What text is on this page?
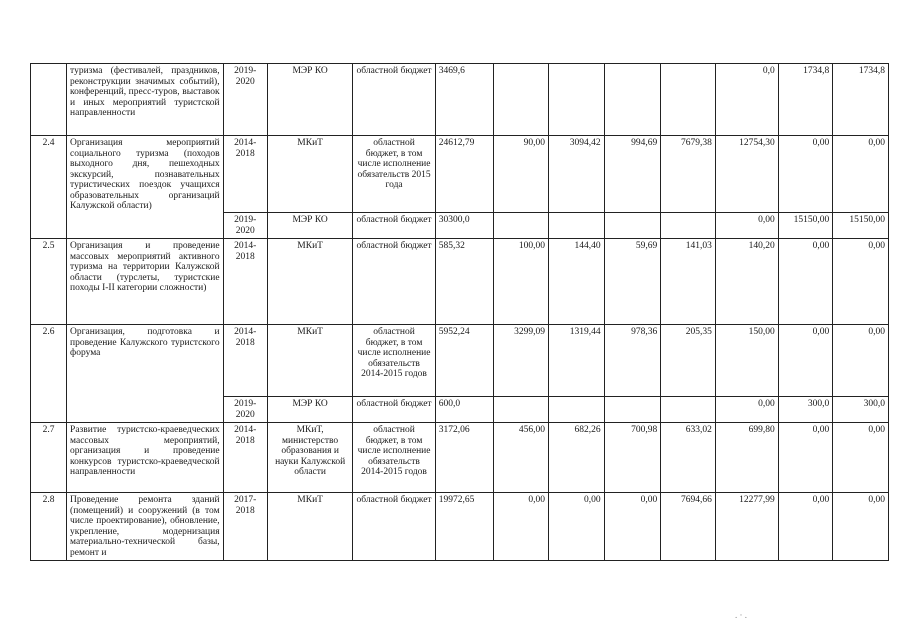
	туризма (фестивалей, праздников, реконструкции значимых событий), конференций, пресс-туров, выставок и иных мероприятий туристской направленности	2019-2020	МЭР КО	областной бюджет	3469,6					0,0	1734,8	1734,8
2.4	Организация мероприятий социального туризма (походов выходного дня, пешеходных экскурсий, познавательных туристических поездок учащихся образовательных организаций Калужской области)	2014-2018	МКиТ	областной бюджет, в том числе исполнение обязательств 2015 года	24612,79	90,00	3094,42	994,69	7679,38	12754,30	0,00	0,00
		2019-2020	МЭР КО	областной бюджет	30300,0					0,00	15150,00	15150,00
2.5	Организация и проведение массовых мероприятий активного туризма на территории Калужской области (турслеты, туристские походы I-II категории сложности)	2014-2018	МКиТ	областной бюджет	585,32	100,00	144,40	59,69	141,03	140,20	0,00	0,00
2.6	Организация, подготовка и проведение Калужского туристского форума	2014-2018	МКиТ	областной бюджет, в том числе исполнение обязательств 2014-2015 годов	5952,24	3299,09	1319,44	978,36	205,35	150,00	0,00	0,00
		2019-2020	МЭР КО	областной бюджет	600,0					0,00	300,0	300,0
2.7	Развитие туристско-краеведческих массовых мероприятий, организация и проведение конкурсов туристско-краеведческой направленности	2014-2018	МКиТ, министерство образования и науки Калужской области	областной бюджет, в том числе исполнение обязательств 2014-2015 годов	3172,06	456,00	682,26	700,98	633,02	699,80	0,00	0,00
2.8	Проведение ремонта зданий (помещений) и сооружений (в том числе проектирование), обновление, укрепление, модернизация материально-технической базы, ремонт и	2017-2018	МКиТ	областной бюджет	19972,65	0,00	0,00	0,00	7694,66	12277,99	0,00	0,00
. · .
